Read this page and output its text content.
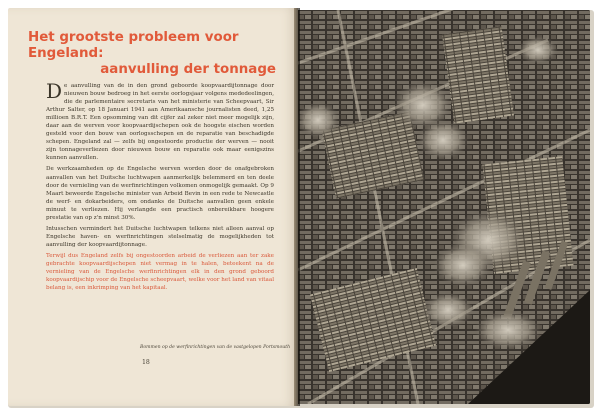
Het grootste probleem voor Engeland:
aanvulling der tonnage

De aanvulling van de in den grond geboorde koopvaardijtonnage door nieuwen bouw bedroeg in het eerste oorlogsjaar volgens mededeelingen, die de parlementaire secretaris van het ministerie van Scheepvaart, Sir Arthur Salter, op 18 Januari 1941 aan Amerikaansche journalisten deed, 1,25 millioen B.R.T. Een opsomming van dit cijfer zal zeker niet meer mogelijk zijn, daar aan de werven voor koopvaardijschepen ook de hoogste eischen worden gesteld voor den bouw van oorlogsschepen en de reparatie van beschadigde schepen. Engeland zal — zelfs bij ongestoorde productie der werven — nooit zijn tonnageverliezen door nieuwen bouw en reparatie ook maar eenigszins kunnen aanvullen.

De werkzaamheden op de Engelsche werven worden door de onafgebroken aanvallen van het Duitsche luchtwapen aanmerkelijk belemmerd en ten deele door de vernieling van de werfinrichtingen volkomen onmogelijk gemaakt. Op 9 Maart beweerde Engelsche minister van Arbeid Bevin in een rede te Newcastle de werf- en dokarbeiders, om ondanks de Duitsche aanvallen geen enkele minuut te verliezen. Hij verlangde een practisch onbereikbare hoogere prestatie van op z'n minst 30%.

Intusschen vermindert het Duitsche luchtwapen telkens niet alleen aanval op Engelsche haven- en werfinrichtingen stelselmatig de mogelijkheden tot aanvulling der koopvaardijtonnage.

Terwijl dus Engeland zelfs bij ongestoorden arbeid de verliezen aan ter zake gebrachte koopvaardijschepen niet vermag in te halen, beteekent na de vernieling van de Engelsche werfinrichtingen elk in den grond geboord koopvaardijschip voor de Engelsche scheepvaart, welke voor het land van vitaal belang is, een inkrimping van het kapitaal.

Bommen op de werfinrichtingen van de vastgelopen Portsmouth

18
